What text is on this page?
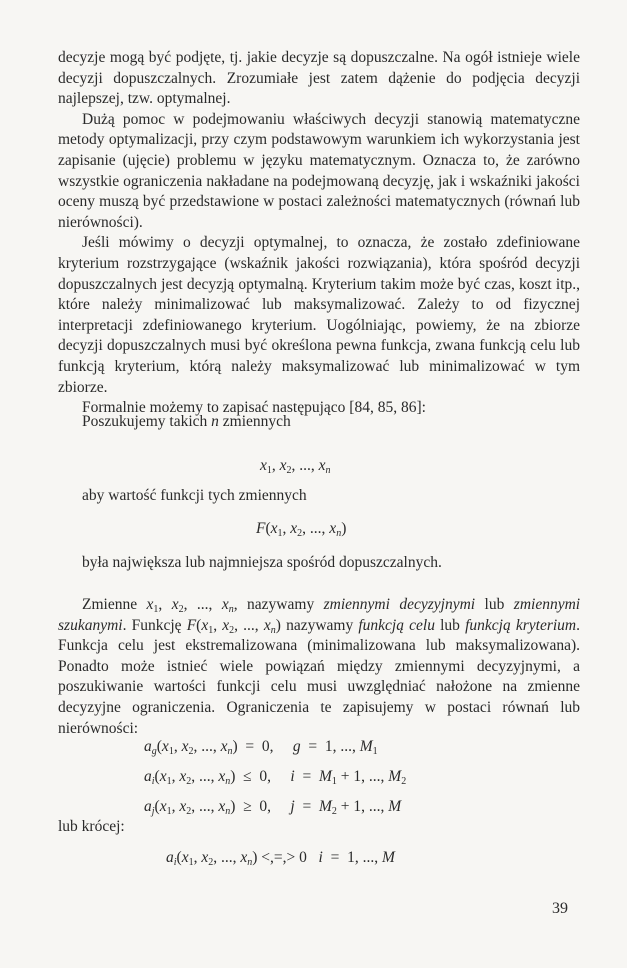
decyzje mogą być podjęte, tj. jakie decyzje są dopuszczalne. Na ogół istnieje wiele decyzji dopuszczalnych. Zrozumiałe jest zatem dążenie do podjęcia decyzji najlepszej, tzw. optymalnej.

Dużą pomoc w podejmowaniu właściwych decyzji stanowią matematyczne metody optymalizacji, przy czym podstawowym warunkiem ich wykorzystania jest zapisanie (ujęcie) problemu w języku matematycznym. Oznacza to, że zarówno wszystkie ograniczenia nakładane na podejmowaną decyzję, jak i wskaźniki jakości oceny muszą być przedstawione w postaci zależności matematycznych (równań lub nierówności).

Jeśli mówimy o decyzji optymalnej, to oznacza, że zostało zdefiniowane kryterium rozstrzygające (wskaźnik jakości rozwiązania), która spośród decyzji dopuszczalnych jest decyzją optymalną. Kryterium takim może być czas, koszt itp., które należy minimalizować lub maksymalizować. Zależy to od fizycznej interpretacji zdefiniowanego kryterium. Uogólniając, powiemy, że na zbiorze decyzji dopuszczalnych musi być określona pewna funkcja, zwana funkcją celu lub funkcją kryterium, którą należy maksymalizować lub minimalizować w tym zbiorze.

Formalnie możemy to zapisać następująco [84, 85, 86]:

Poszukujemy takich n zmiennych

$x_1$, $x_2$, ..., $x_n$

aby wartość funkcji tych zmiennych

$F(x_1$, $x_2$, ..., $x_n$)

była największa lub najmniejsza spośród dopuszczalnych.

Zmienne $x_1$, $x_2$, ..., $x_n$, nazywamy zmiennymi decyzyjnymi lub zmiennymi szukanymi. Funkcję $F(x_1$, $x_2$, ..., $x_n$) nazywamy funkcją celu lub funkcją kryterium. Funkcja celu jest ekstremalizowana (minimalizowana lub maksymalizowana). Ponadto może istnieć wiele powiązań między zmiennymi decyzyjnymi, a poszukiwanie wartości funkcji celu musi uwzględniać nałożone na zmienne decyzyjne ograniczenia. Ograniczenia te zapisujemy w postaci równań lub nierówności:

$a_g(x_1$, $x_2$, ..., $x_n) = 0$,     g  =  1, ..., $M_1$
$a_i(x_1$, $x_2$, ..., $x_n) \le 0$,     $i = M_1 + 1$, ..., $M_2$
$a_j(x_1$, $x_2$, ..., $x_n) \ge 0$,     $j = M_2 + 1$, ..., M

lub krócej:

$a_i(x_1$, $x_2$, ..., $x_n$) <,=,> 0   i  =  1, ..., M
39
